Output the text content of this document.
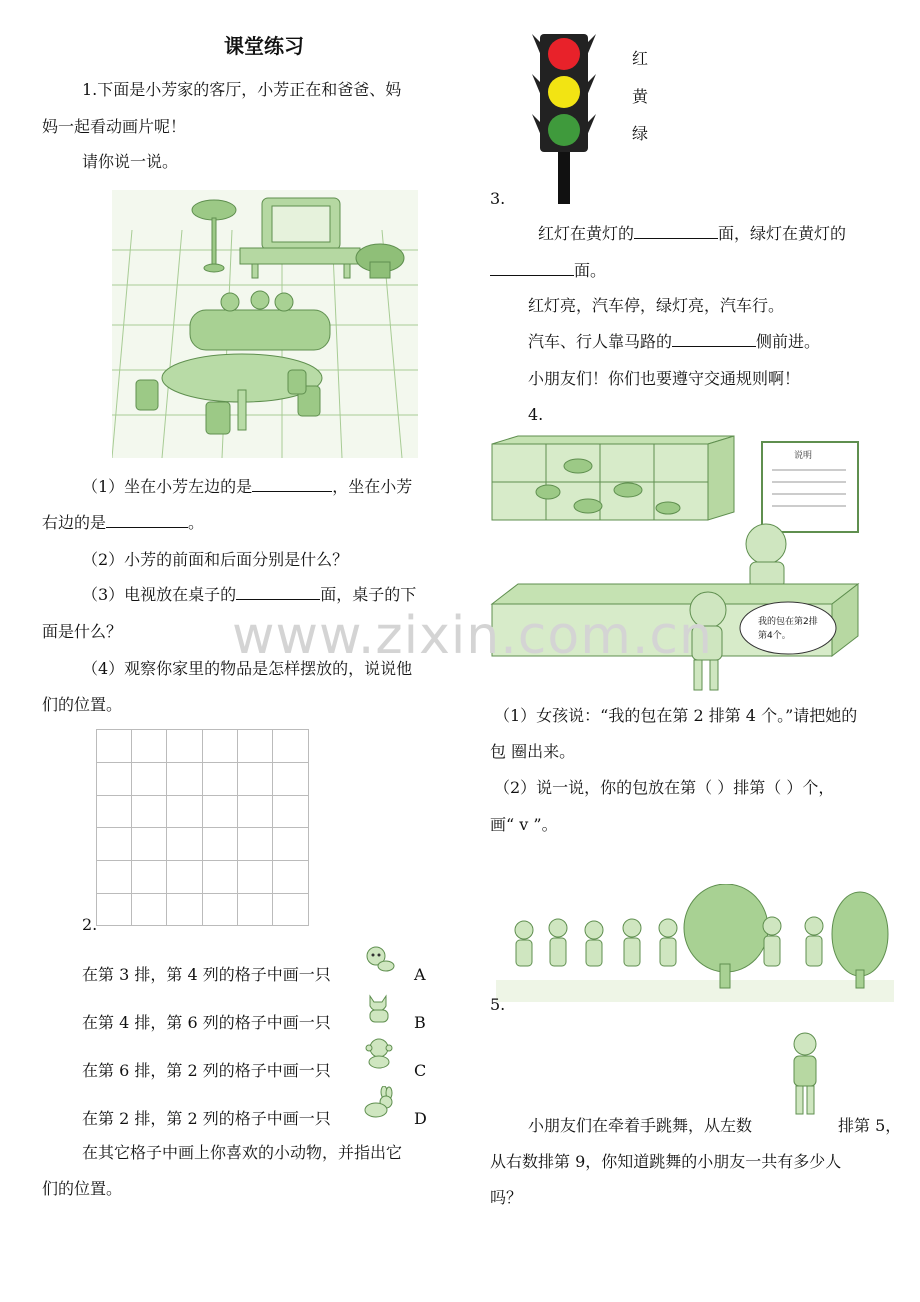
课堂练习
1.下面是小芳家的客厅，小芳正在和爸爸、妈
妈一起看动画片呢！
请你说一说。
（1）坐在小芳左边的是	，坐在小芳
右边的是	。
（2）小芳的前面和后面分别是什么？
（3）电视放在桌子的	面，桌子的下
面是什么？
（4）观察你家里的物品是怎样摆放的，说说他
们的位置。
2.
在第 3 排，第 4 列的格子中画一只	A
在第 4 排，第 6 列的格子中画一只	B
在第 6 排，第 2 列的格子中画一只	C
在第 2 排，第 2 列的格子中画一只	D
在其它格子中画上你喜欢的小动物，并指出它
们的位置。
红
黄
绿
3.
红灯在黄灯的	面，绿灯在黄灯的
面。
红灯亮，汽车停，绿灯亮，汽车行。
汽车、行人靠马路的	侧前进。
小朋友们！你们也要遵守交通规则啊！
4.
说明
我的包在第2排
第4个。
（1）女孩说：“我的包在第 2 排第 4 个。”请把她的
包 圈出来。
（2）说一说，你的包放在第（ ）排第（ ）个，
画“ v ”。
5.
小朋友们在牵着手跳舞，从左数	排第 5，
从右数排第 9，你知道跳舞的小朋友一共有多少人
吗？
www.zixin.com.cn
